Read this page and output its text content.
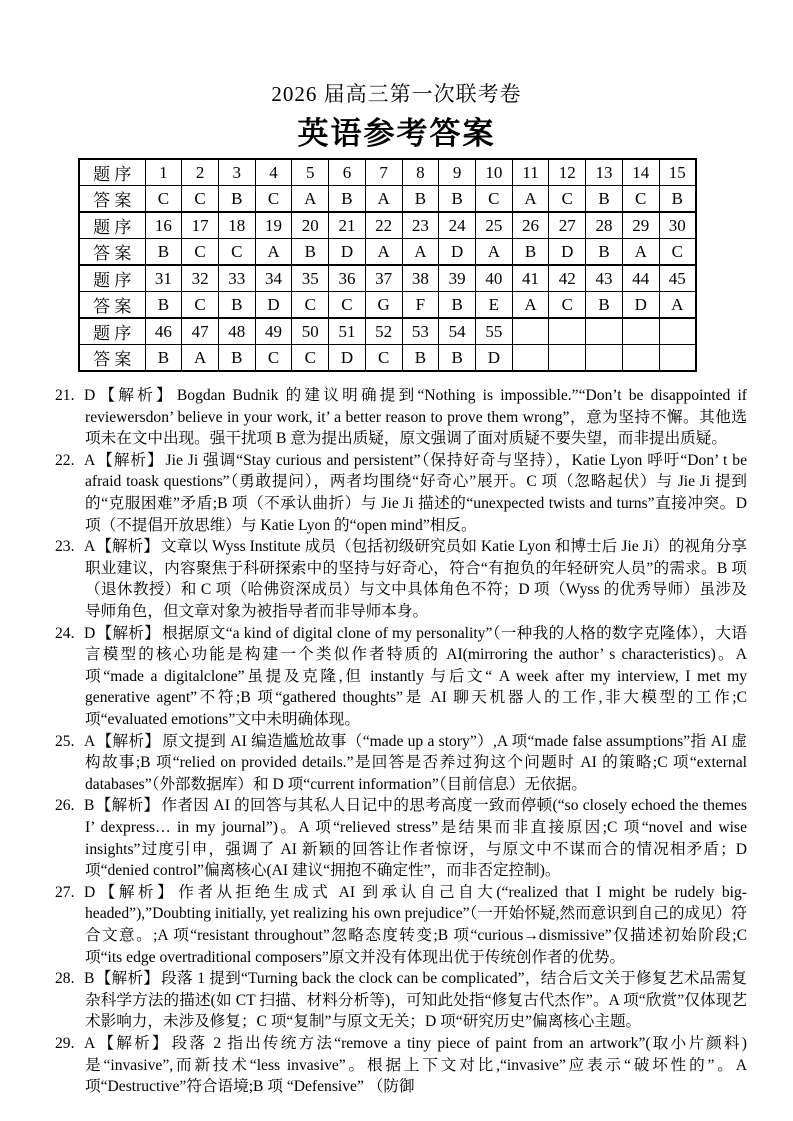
2026 届高三第一次联考卷
英语参考答案
题 序	1	2	3	4	5	6	7	8	9	10	11	12	13	14	15
答 案	C	C	B	C	A	B	A	B	B	C	A	C	B	C	B
题 序	16	17	18	19	20	21	22	23	24	25	26	27	28	29	30
答 案	B	C	C	A	B	D	A	A	D	A	B	D	B	A	C
题 序	31	32	33	34	35	36	37	38	39	40	41	42	43	44	45
答 案	B	C	B	D	C	C	G	F	B	E	A	C	B	D	A
题 序	46	47	48	49	50	51	52	53	54	55					
答 案	B	A	B	C	C	D	C	B	B	D					
21. D【解析】 Bogdan Budnik 的建议明确提到“Nothing is impossible.”“Don’t be disappointed if reviewersdon’ believe in your work, it’ a better reason to prove them wrong”，意为坚持不懈。其他选项未在文中出现。强干扰项 B 意为提出质疑，原文强调了面对质疑不要失望，而非提出质疑。
22. A【解析】 Jie Ji 强调“Stay curious and persistent”（保持好奇与坚持），Katie Lyon 呼吁“Don’ t be afraid toask questions”（勇敢提问），两者均围绕“好奇心”展开。C 项（忽略起伏）与 Jie Ji 提到的“克服困难”矛盾;B 项（不承认曲折）与 Jie Ji 描述的“unexpected twists and turns”直接冲突。D 项（不提倡开放思维）与 Katie Lyon 的“open mind”相反。
23. A【解析】 文章以 Wyss Institute 成员（包括初级研究员如 Katie Lyon 和博士后 Jie Ji）的视角分享职业建议，内容聚焦于科研探索中的坚持与好奇心，符合“有抱负的年轻研究人员”的需求。B 项（退休教授）和 C 项（哈佛资深成员）与文中具体角色不符；D 项（Wyss 的优秀导师）虽涉及导师角色，但文章对象为被指导者而非导师本身。
24. D【解析】 根据原文“a kind of digital clone of my personality”（一种我的人格的数字克隆体），大语言模型的核心功能是构建一个类似作者特质的 AI(mirroring the author’ s characteristics)。A 项“made a digitalclone”虽提及克隆,但 instantly 与后文“ A week after my interview, I met my generative agent”不符;B 项“gathered thoughts”是 AI 聊天机器人的工作,非大模型的工作;C 项“evaluated emotions”文中未明确体现。
25. A【解析】 原文提到 AI 编造尴尬故事（“made up a story”）,A 项“made false assumptions”指 AI 虚构故事;B 项“relied on provided details.”是回答是否养过狗这个问题时 AI 的策略;C 项“external databases”（外部数据库）和 D 项“current information”（目前信息）无依据。
26. B【解析】 作者因 AI 的回答与其私人日记中的思考高度一致而停顿(“so closely echoed the themes I’ dexpress… in my journal”)。A 项“relieved stress”是结果而非直接原因;C 项“novel and wise insights”过度引申，强调了 AI 新颖的回答让作者惊讶，与原文中不谋而合的情况相矛盾；D 项“denied control”偏离核心(AI 建议“拥抱不确定性”，而非否定控制)。
27. D【解析】 作者从拒绝生成式 AI 到承认自己自大(“realized that I might be rudely big-headed”),”Doubting initially, yet realizing his own prejudice”（一开始怀疑,然而意识到自己的成见）符合文意。;A 项“resistant throughout”忽略态度转变;B 项“curious→dismissive”仅描述初始阶段;C 项“its edge overtraditional composers”原文并没有体现出优于传统创作者的优势。
28. B【解析】 段落 1 提到“Turning back the clock can be complicated”，结合后文关于修复艺术品需复杂科学方法的描述(如 CT 扫描、材料分析等)，可知此处指“修复古代杰作”。A 项“欣赏”仅体现艺术影响力，未涉及修复；C 项“复制”与原文无关；D 项“研究历史”偏离核心主题。
29. A【解析】 段落 2 指出传统方法“remove a tiny piece of paint from an artwork”(取小片颜料)是“invasive”,而新技术“less invasive”。根据上下文对比,“invasive”应表示“破坏性的”。A 项“Destructive”符合语境;B 项 “Defensive” （防御
